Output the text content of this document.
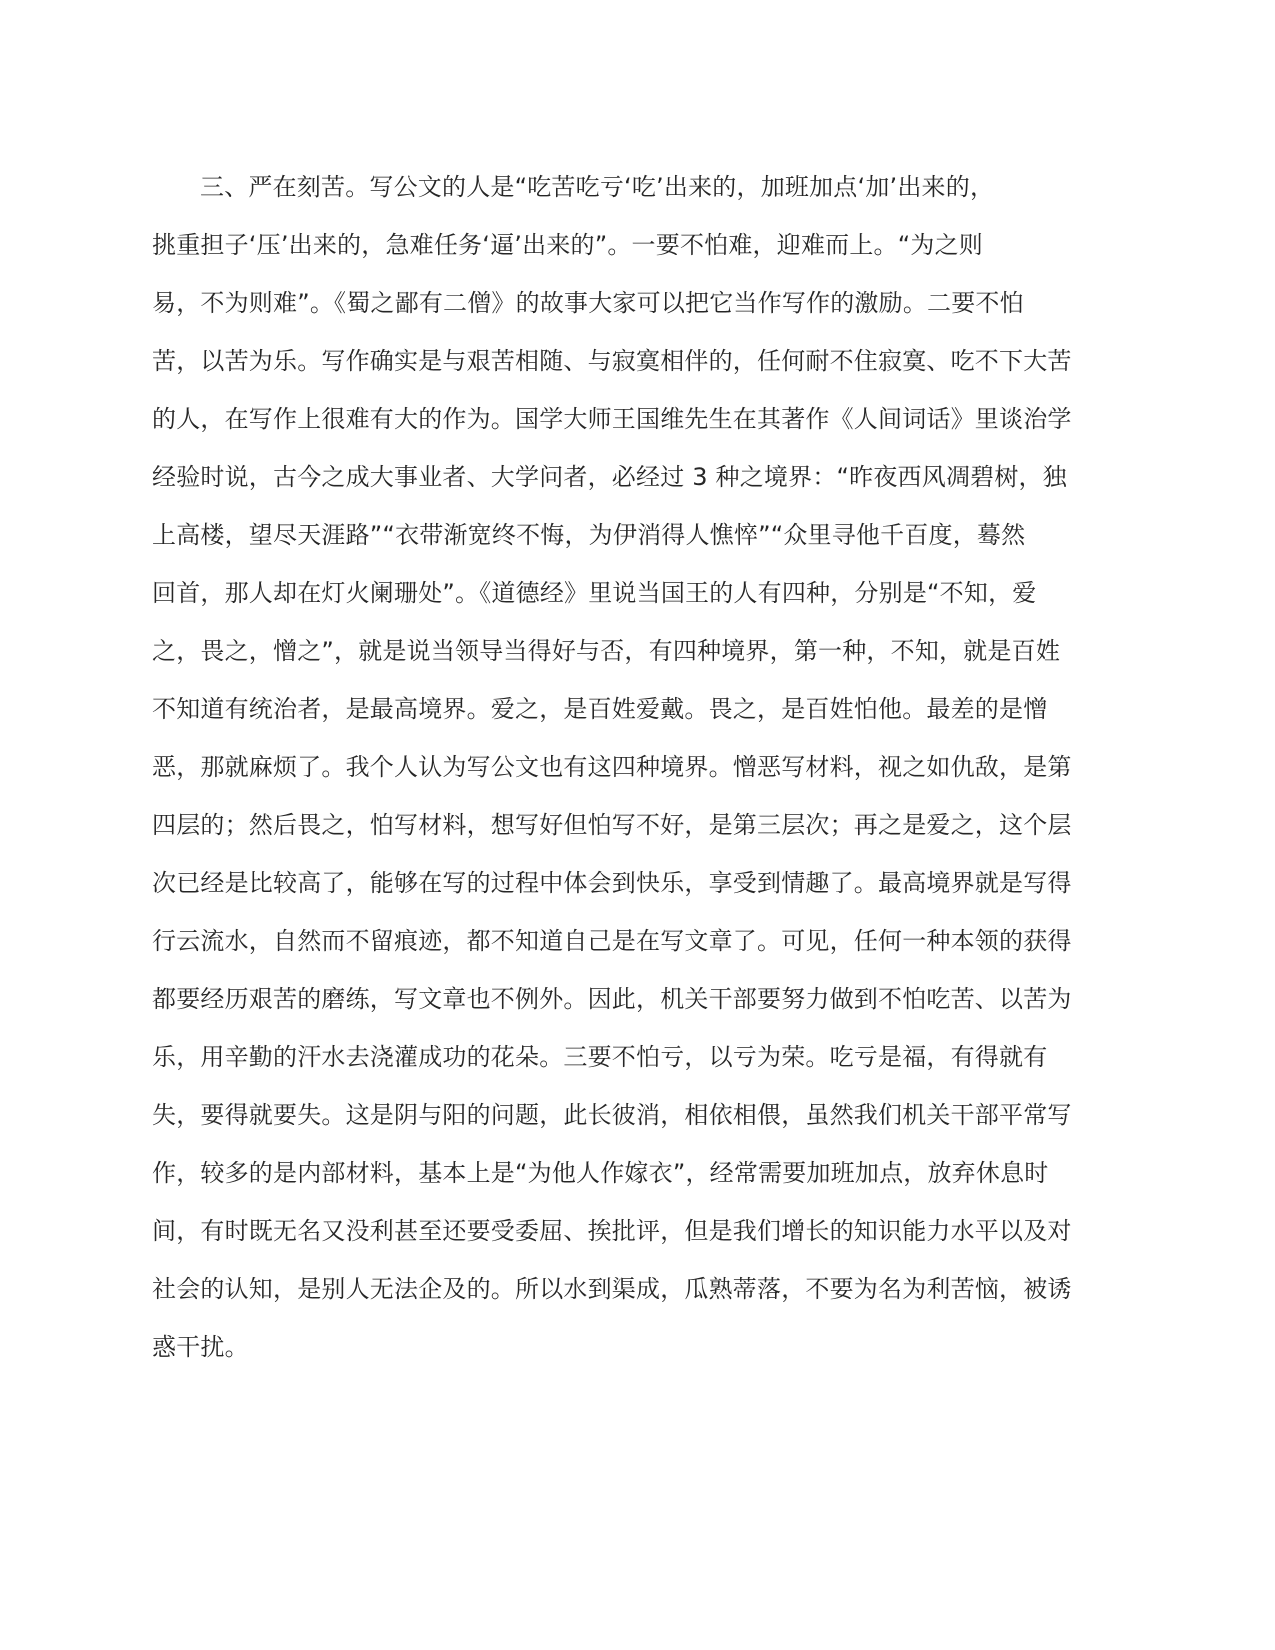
三、严在刻苦。写公文的人是“吃苦吃亏‘吃’出来的，加班加点‘加’出来的，
挑重担子‘压’出来的，急难任务‘逼’出来的”。一要不怕难，迎难而上。“为之则
易，不为则难”。《蜀之鄙有二僧》的故事大家可以把它当作写作的激励。二要不怕
苦，以苦为乐。写作确实是与艰苦相随、与寂寞相伴的，任何耐不住寂寞、吃不下大苦
的人，在写作上很难有大的作为。国学大师王国维先生在其著作《人间词话》里谈治学
经验时说，古今之成大事业者、大学问者，必经过 3 种之境界：“昨夜西风凋碧树，独
上高楼，望尽天涯路”“衣带渐宽终不悔，为伊消得人憔悴”“众里寻他千百度，蓦然
回首，那人却在灯火阑珊处”。《道德经》里说当国王的人有四种，分别是“不知，爱
之，畏之，憎之”，就是说当领导当得好与否，有四种境界，第一种，不知，就是百姓
不知道有统治者，是最高境界。爱之，是百姓爱戴。畏之，是百姓怕他。最差的是憎
恶，那就麻烦了。我个人认为写公文也有这四种境界。憎恶写材料，视之如仇敌，是第
四层的；然后畏之，怕写材料，想写好但怕写不好，是第三层次；再之是爱之，这个层
次已经是比较高了，能够在写的过程中体会到快乐，享受到情趣了。最高境界就是写得
行云流水，自然而不留痕迹，都不知道自己是在写文章了。可见，任何一种本领的获得
都要经历艰苦的磨练，写文章也不例外。因此，机关干部要努力做到不怕吃苦、以苦为
乐，用辛勤的汗水去浇灌成功的花朵。三要不怕亏，以亏为荣。吃亏是福，有得就有
失，要得就要失。这是阴与阳的问题，此长彼消，相依相偎，虽然我们机关干部平常写
作，较多的是内部材料，基本上是“为他人作嫁衣”，经常需要加班加点，放弃休息时
间，有时既无名又没利甚至还要受委屈、挨批评，但是我们增长的知识能力水平以及对
社会的认知，是别人无法企及的。所以水到渠成，瓜熟蒂落，不要为名为利苦恼，被诱
惑干扰。
